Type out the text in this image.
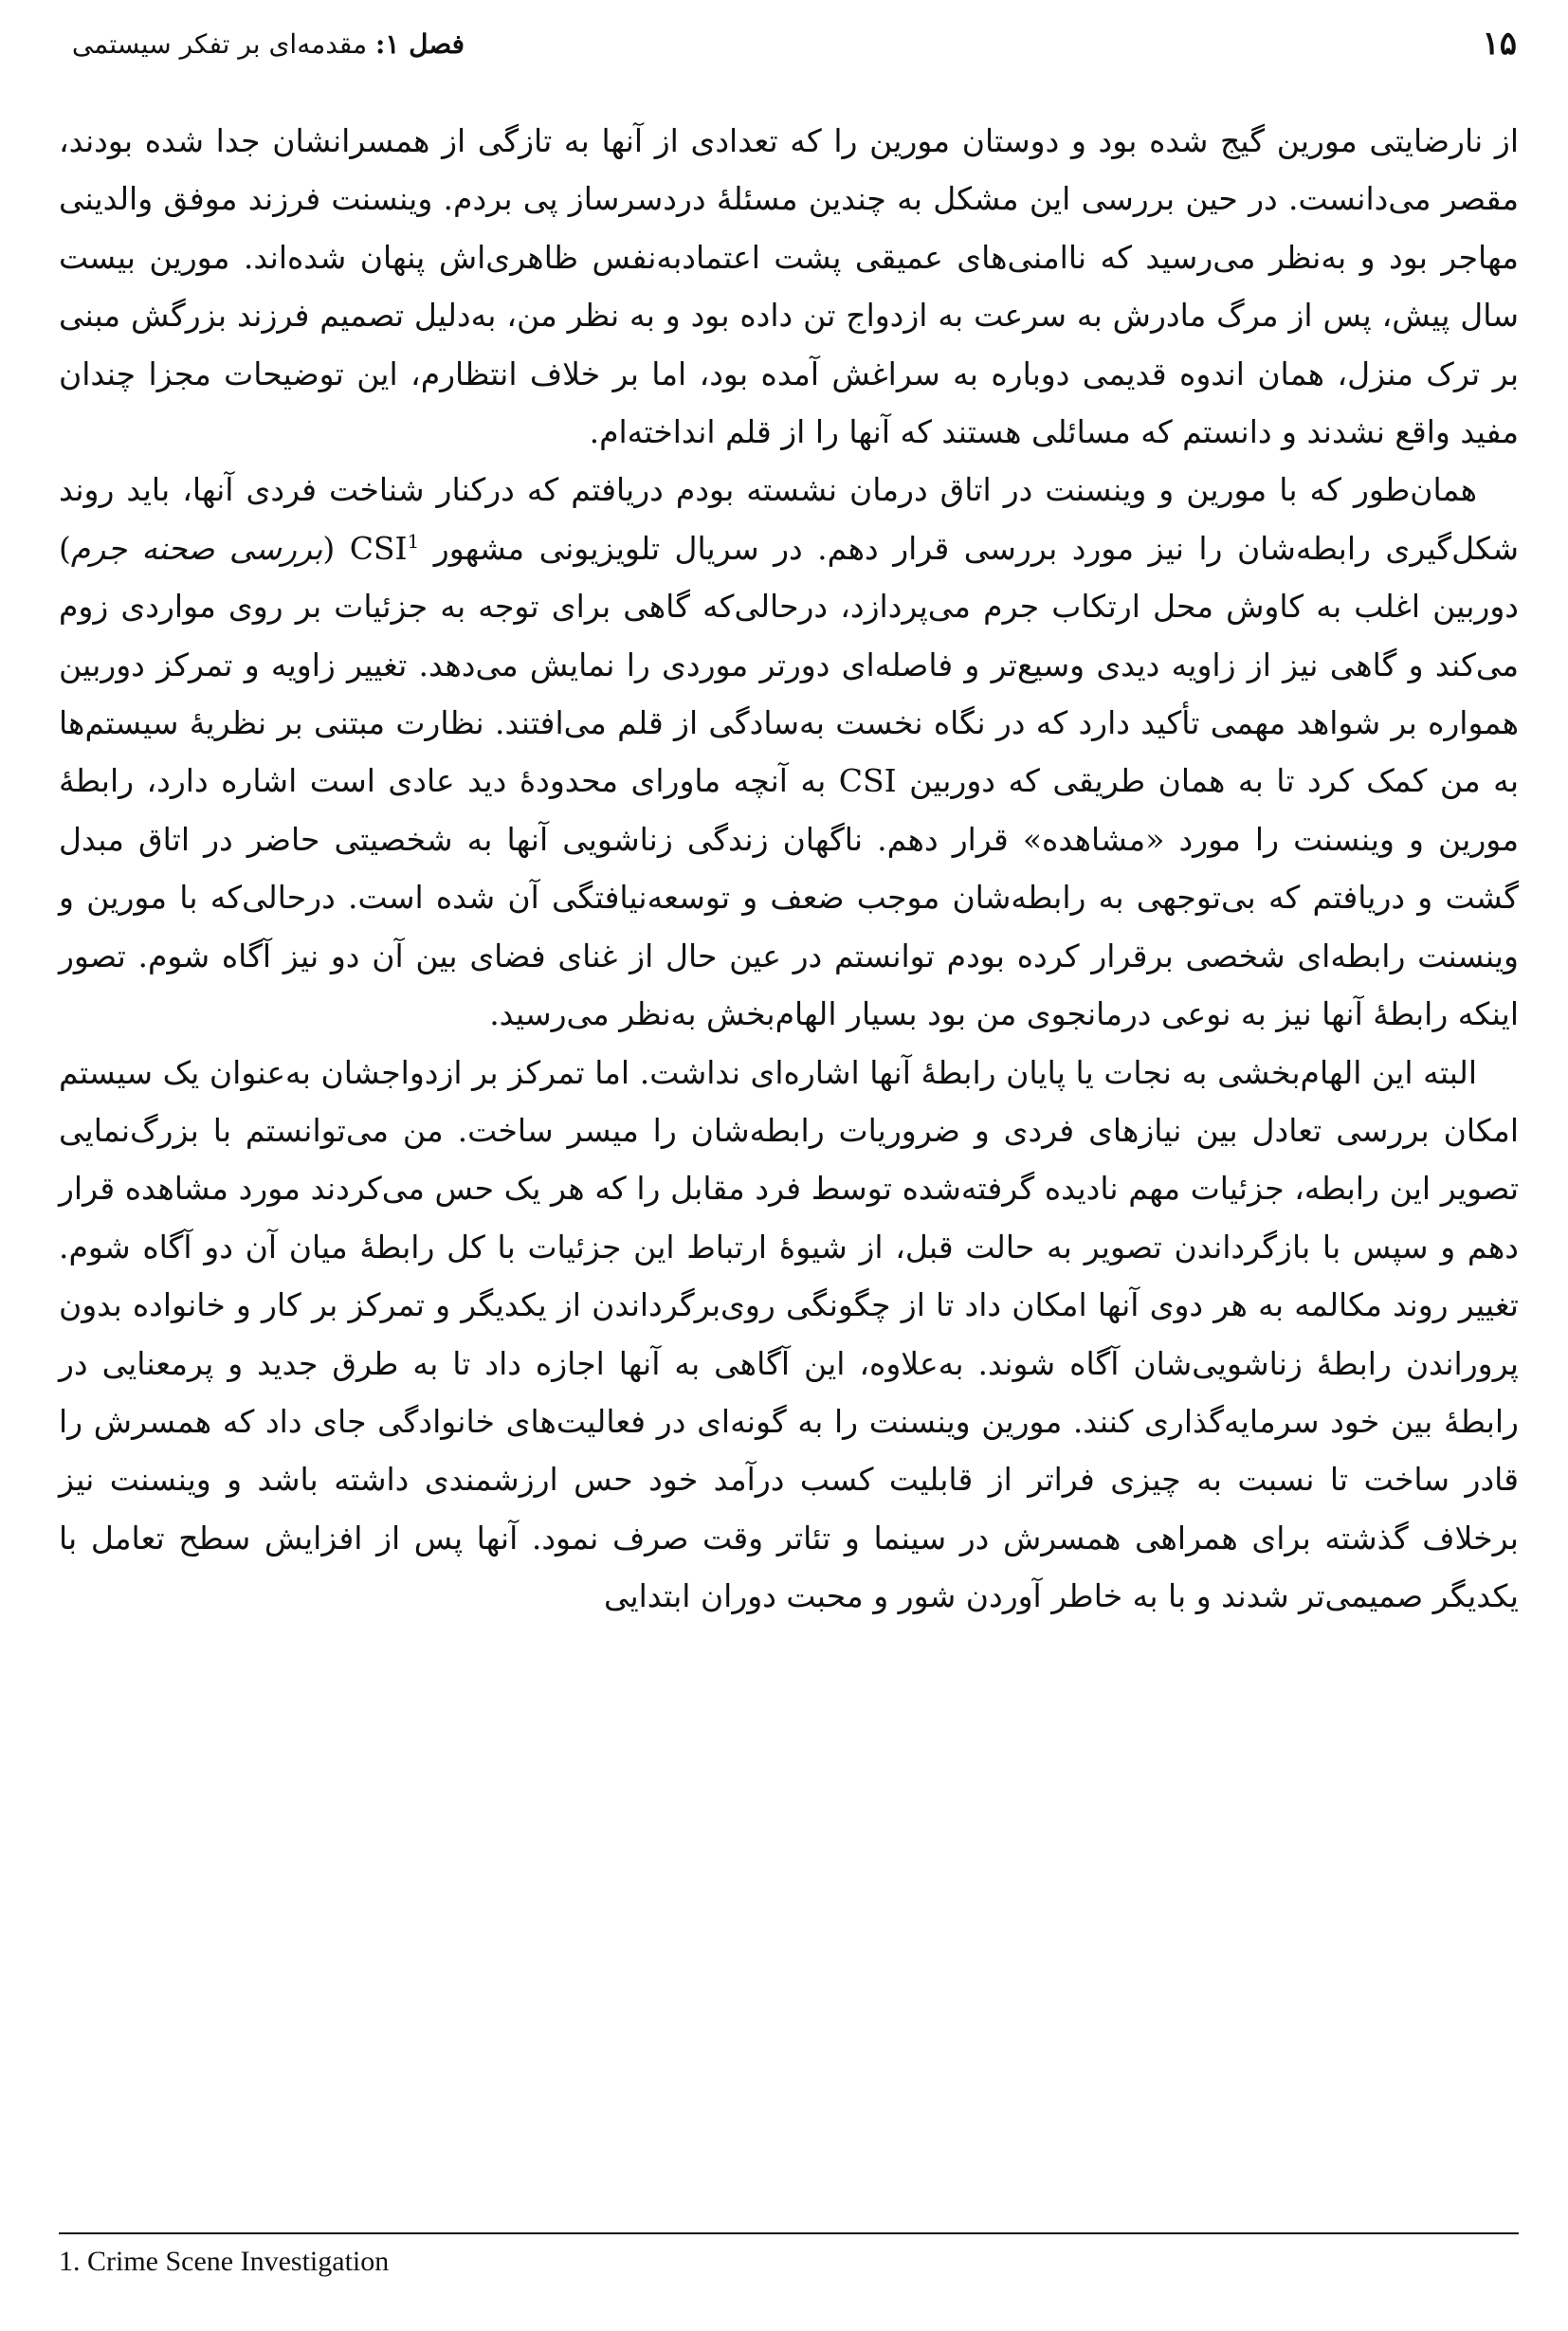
۱۵
فصل ۱: مقدمه‌ای بر تفکر سیستمی

از نارضایتی مورین گیج شده بود و دوستان مورین را که تعدادی از آنها به تازگی از همسرانشان جدا شده بودند، مقصر می‌دانست. در حین بررسی این مشکل به چندین مسئلهٔ دردسرساز پی بردم. وینسنت فرزند موفق والدینی مهاجر بود و به‌نظر می‌رسید که ناامنی‌های عمیقی پشت اعتمادبه‌نفس ظاهری‌اش پنهان شده‌اند. مورین بیست سال پیش، پس از مرگ مادرش به سرعت به ازدواج تن داده بود و به نظر من، به‌دلیل تصمیم فرزند بزرگش مبنی بر ترک منزل، همان اندوه قدیمی دوباره به سراغش آمده بود، اما بر خلاف انتظارم، این توضیحات مجزا چندان مفید واقع نشدند و دانستم که مسائلی هستند که آنها را از قلم انداخته‌ام.

همان‌طور که با مورین و وینسنت در اتاق درمان نشسته بودم دریافتم که درکنار شناخت فردی آنها، باید روند شکل‌گیری رابطه‌شان را نیز مورد بررسی قرار دهم. در سریال تلویزیونی مشهور CSI$^1$ (بررسی صحنه جرم) دوربین اغلب به کاوش محل ارتکاب جرم می‌پردازد، درحالی‌که گاهی برای توجه به جزئیات بر روی مواردی زوم می‌کند و گاهی نیز از زاویه دیدی وسیع‌تر و فاصله‌ای دورتر موردی را نمایش می‌دهد. تغییر زاویه و تمرکز دوربین همواره بر شواهد مهمی تأکید دارد که در نگاه نخست به‌سادگی از قلم می‌افتند. نظارت مبتنی بر نظریهٔ سیستم‌ها به من کمک کرد تا به همان طریقی که دوربین CSI به آنچه ماورای محدودهٔ دید عادی است اشاره دارد، رابطهٔ مورین و وینسنت را مورد «مشاهده» قرار دهم. ناگهان زندگی زناشویی آنها به شخصیتی حاضر در اتاق مبدل گشت و دریافتم که بی‌توجهی به رابطه‌شان موجب ضعف و توسعه‌نیافتگی آن شده است. درحالی‌که با مورین و وینسنت رابطه‌ای شخصی برقرار کرده بودم توانستم در عین حال از غنای فضای بین آن دو نیز آگاه شوم. تصور اینکه رابطهٔ آنها نیز به نوعی درمانجوی من بود بسیار الهام‌بخش به‌نظر می‌رسید.

البته این الهام‌بخشی به نجات یا پایان رابطهٔ آنها اشاره‌ای نداشت. اما تمرکز بر ازدواجشان به‌عنوان یک سیستم امکان بررسی تعادل بین نیازهای فردی و ضروریات رابطه‌شان را میسر ساخت. من می‌توانستم با بزرگ‌نمایی تصویر این رابطه، جزئیات مهم نادیده گرفته‌شده توسط فرد مقابل را که هر یک حس می‌کردند مورد مشاهده قرار دهم و سپس با بازگرداندن تصویر به حالت قبل، از شیوهٔ ارتباط این جزئیات با کل رابطهٔ میان آن دو آگاه شوم. تغییر روند مکالمه به هر دوی آنها امکان داد تا از چگونگی روی‌برگرداندن از یکدیگر و تمرکز بر کار و خانواده بدون پروراندن رابطهٔ زناشویی‌شان آگاه شوند. به‌علاوه، این آگاهی به آنها اجازه داد تا به طرق جدید و پرمعنایی در رابطهٔ بین خود سرمایه‌گذاری کنند. مورین وینسنت را به گونه‌ای در فعالیت‌های خانوادگی جای داد که همسرش را قادر ساخت تا نسبت به چیزی فراتر از قابلیت کسب درآمد خود حس ارزشمندی داشته باشد و وینسنت نیز برخلاف گذشته برای همراهی همسرش در سینما و تئاتر وقت صرف نمود. آنها پس از افزایش سطح تعامل با یکدیگر صمیمی‌تر شدند و با به خاطر آوردن شور و محبت دوران ابتدایی

1. Crime Scene Investigation
